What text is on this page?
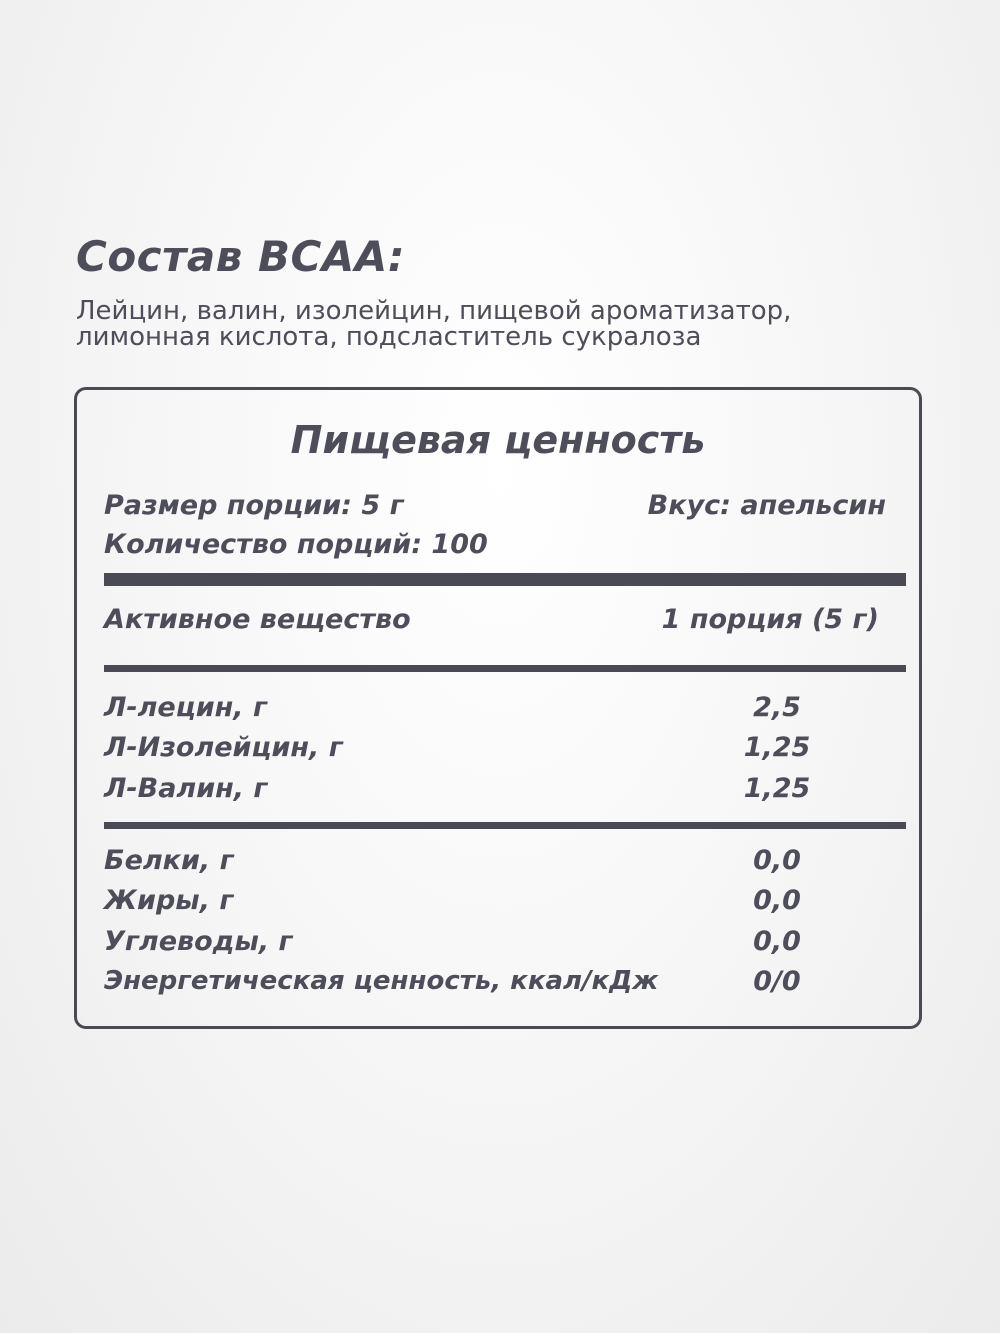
Состав ВСАА:
Лейцин, валин, изолейцин, пищевой ароматизатор,
лимонная кислота, подсластитель сукралоза
Пищевая ценность
Размер порции: 5 г	Вкус: апельсин
Количество порций: 100
Активное вещество	1 порция (5 г)
Л-лецин, г	2,5
Л-Изолейцин, г	1,25
Л-Валин, г	1,25
Белки, г	0,0
Жиры, г	0,0
Углеводы, г	0,0
Энергетическая ценность, ккал/кДж	0/0
